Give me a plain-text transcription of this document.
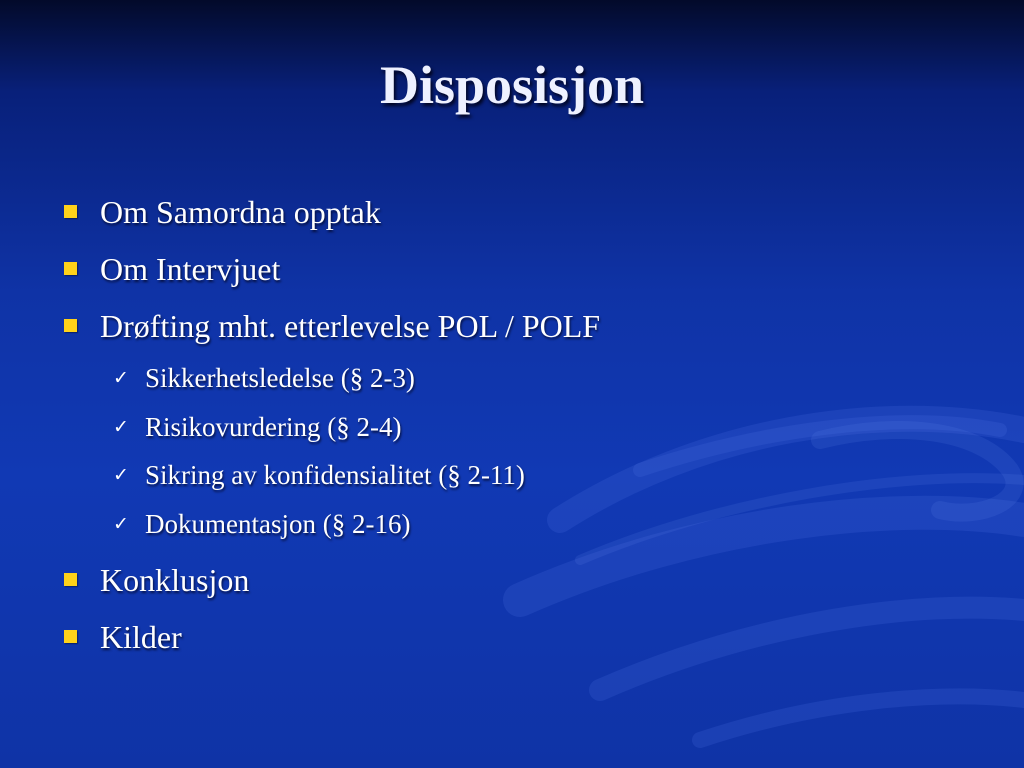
Disposisjon
Om Samordna opptak
Om Intervjuet
Drøfting mht. etterlevelse POL / POLF
✓ Sikkerhetsledelse (§ 2-3)
✓ Risikovurdering (§ 2-4)
✓ Sikring av konfidensialitet (§ 2-11)
✓ Dokumentasjon (§ 2-16)
Konklusjon
Kilder
